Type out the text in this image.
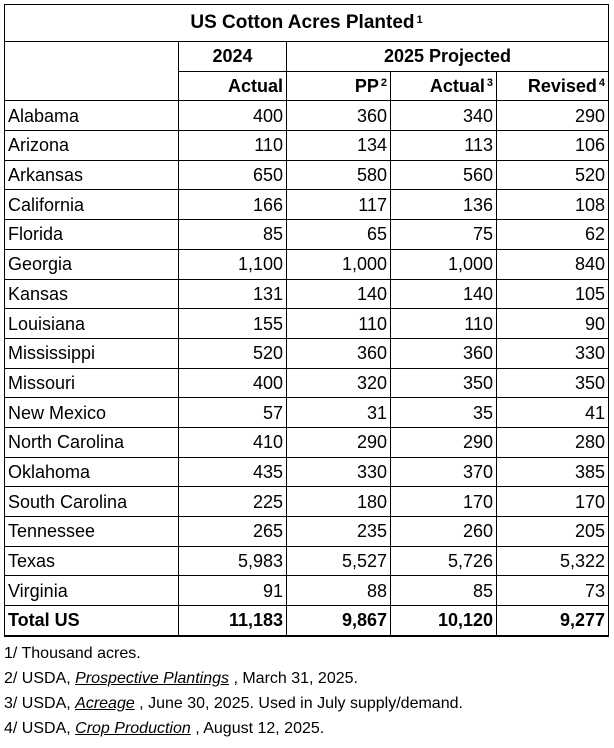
US Cotton Acres Planted $^1$
	2024	2025 Projected		
	Actual	PP $^2$	Actual $^3$	Revised $^4$
Alabama	400	360	340	290
Arizona	110	134	113	106
Arkansas	650	580	560	520
California	166	117	136	108
Florida	85	65	75	62
Georgia	1,100	1,000	1,000	840
Kansas	131	140	140	105
Louisiana	155	110	110	90
Mississippi	520	360	360	330
Missouri	400	320	350	350
New Mexico	57	31	35	41
North Carolina	410	290	290	280
Oklahoma	435	330	370	385
South Carolina	225	180	170	170
Tennessee	265	235	260	205
Texas	5,983	5,527	5,726	5,322
Virginia	91	88	85	73
Total US	11,183	9,867	10,120	9,277
1/ Thousand acres.
2/ USDA, Prospective Plantings , March 31, 2025.
3/ USDA, Acreage , June 30, 2025. Used in July supply/demand.
4/ USDA, Crop Production , August 12, 2025.
